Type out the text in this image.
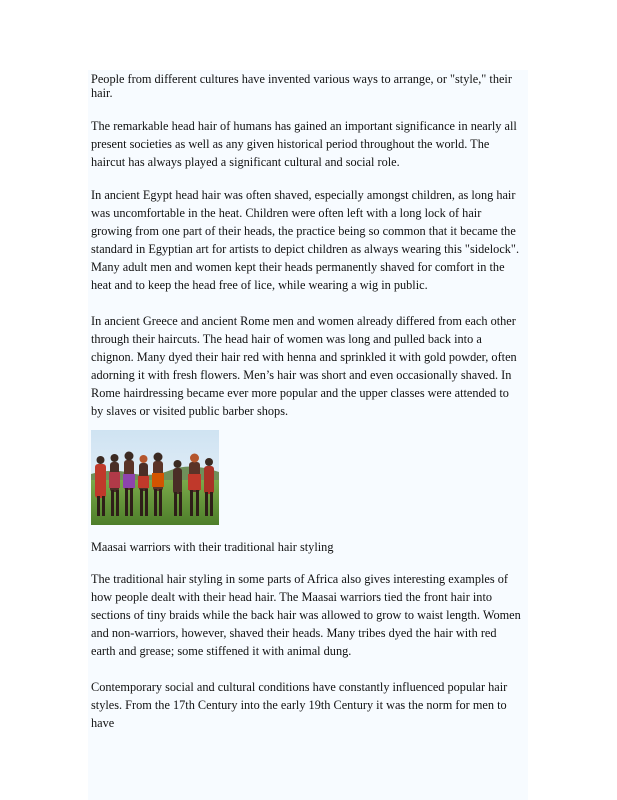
People from different cultures have invented various ways to arrange, or "style," their hair.

The remarkable head hair of humans has gained an important significance in nearly all present societies as well as any given historical period throughout the world. The haircut has always played a significant cultural and social role.

In ancient Egypt head hair was often shaved, especially amongst children, as long hair was uncomfortable in the heat. Children were often left with a long lock of hair growing from one part of their heads, the practice being so common that it became the standard in Egyptian art for artists to depict children as always wearing this "sidelock". Many adult men and women kept their heads permanently shaved for comfort in the heat and to keep the head free of lice, while wearing a wig in public.

In ancient Greece and ancient Rome men and women already differed from each other through their haircuts. The head hair of women was long and pulled back into a chignon. Many dyed their hair red with henna and sprinkled it with gold powder, often adorning it with fresh flowers. Men’s hair was short and even occasionally shaved. In Rome hairdressing became ever more popular and the upper classes were attended to by slaves or visited public barber shops.

Maasai warriors with their traditional hair styling

The traditional hair styling in some parts of Africa also gives interesting examples of how people dealt with their head hair. The Maasai warriors tied the front hair into sections of tiny braids while the back hair was allowed to grow to waist length. Women and non-warriors, however, shaved their heads. Many tribes dyed the hair with red earth and grease; some stiffened it with animal dung.

Contemporary social and cultural conditions have constantly influenced popular hair styles. From the 17th Century into the early 19th Century it was the norm for men to have
